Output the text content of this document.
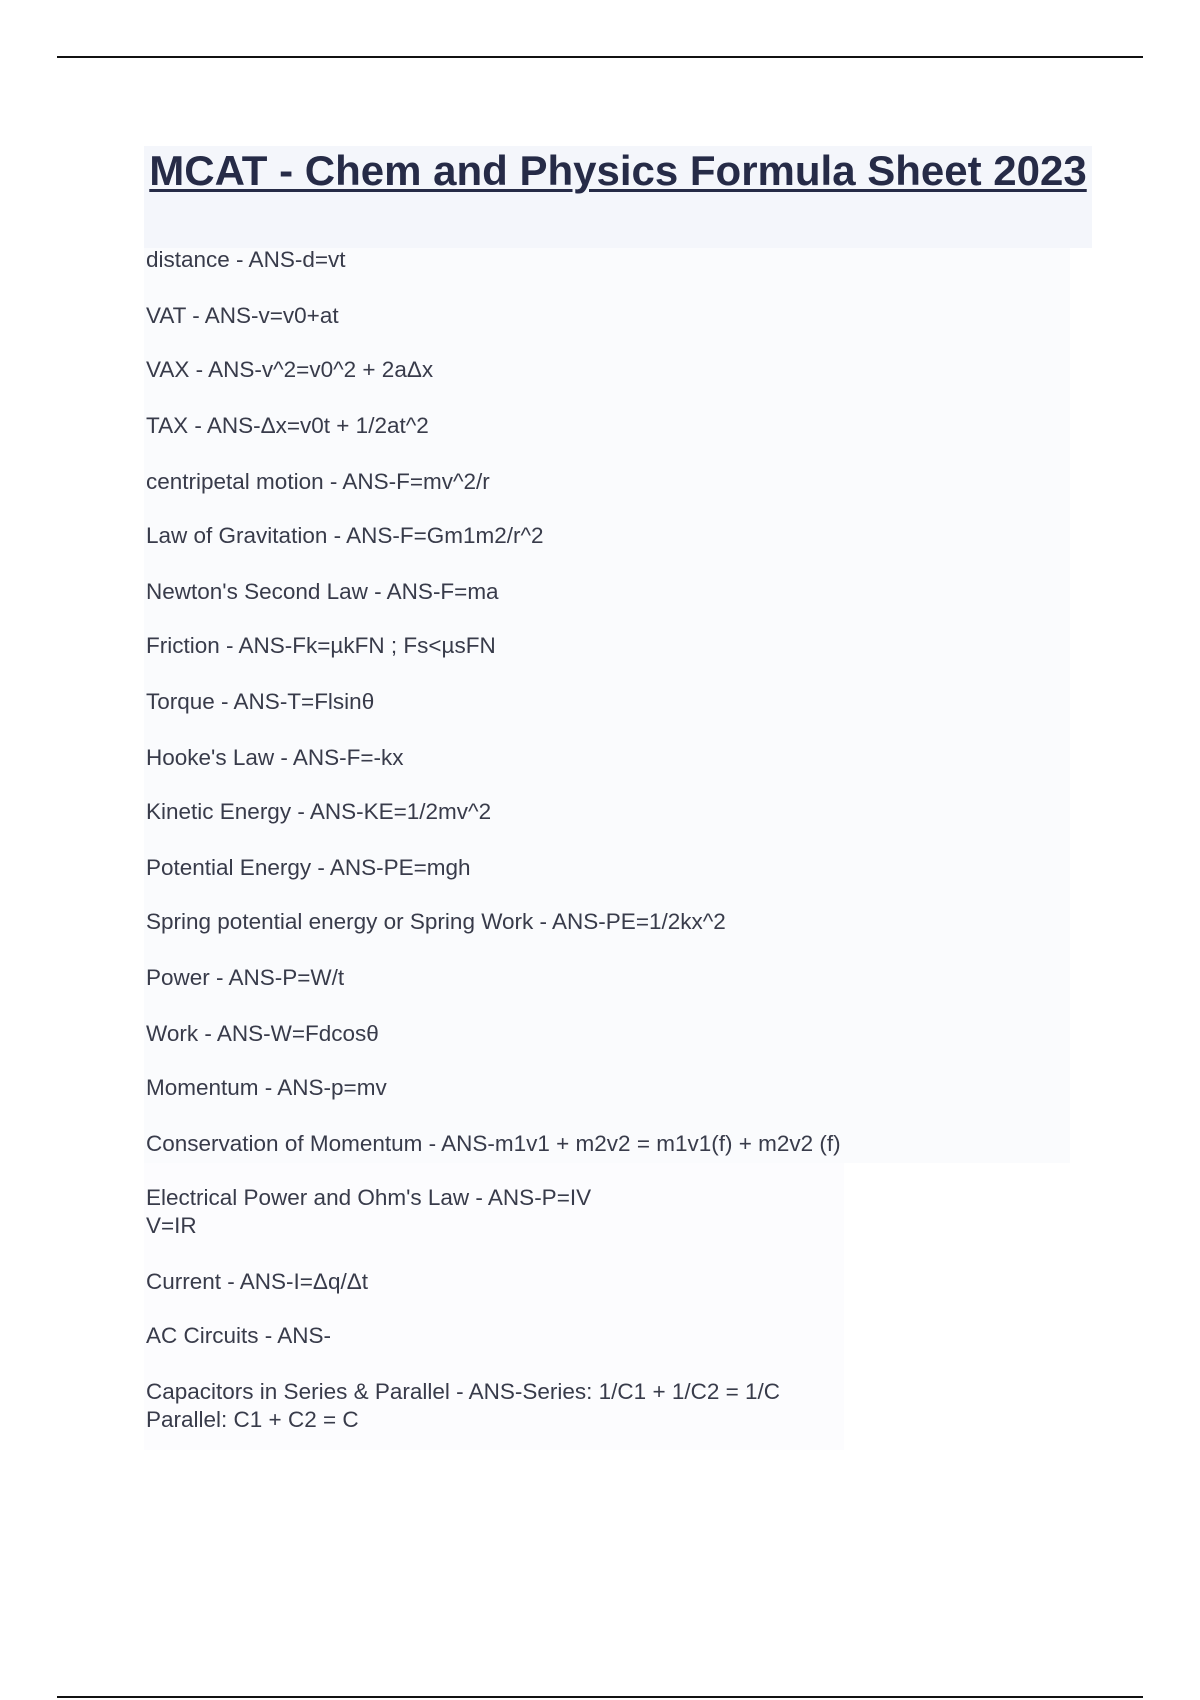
MCAT - Chem and Physics Formula Sheet 2023
distance - ANS-d=vt
VAT - ANS-v=v0+at
VAX - ANS-v^2=v0^2 + 2aΔx
TAX - ANS-Δx=v0t + 1/2at^2
centripetal motion - ANS-F=mv^2/r
Law of Gravitation - ANS-F=Gm1m2/r^2
Newton's Second Law - ANS-F=ma
Friction - ANS-Fk=µkFN ; Fs<µsFN
Torque - ANS-T=Flsinθ
Hooke's Law - ANS-F=-kx
Kinetic Energy - ANS-KE=1/2mv^2
Potential Energy - ANS-PE=mgh
Spring potential energy or Spring Work - ANS-PE=1/2kx^2
Power - ANS-P=W/t
Work - ANS-W=Fdcosθ
Momentum - ANS-p=mv
Conservation of Momentum - ANS-m1v1 + m2v2 = m1v1(f) + m2v2 (f)
Electrical Power and Ohm's Law - ANS-P=IV
V=IR
Current - ANS-I=Δq/Δt
AC Circuits - ANS-
Capacitors in Series & Parallel - ANS-Series: 1/C1 + 1/C2 = 1/C
Parallel: C1 + C2 = C
